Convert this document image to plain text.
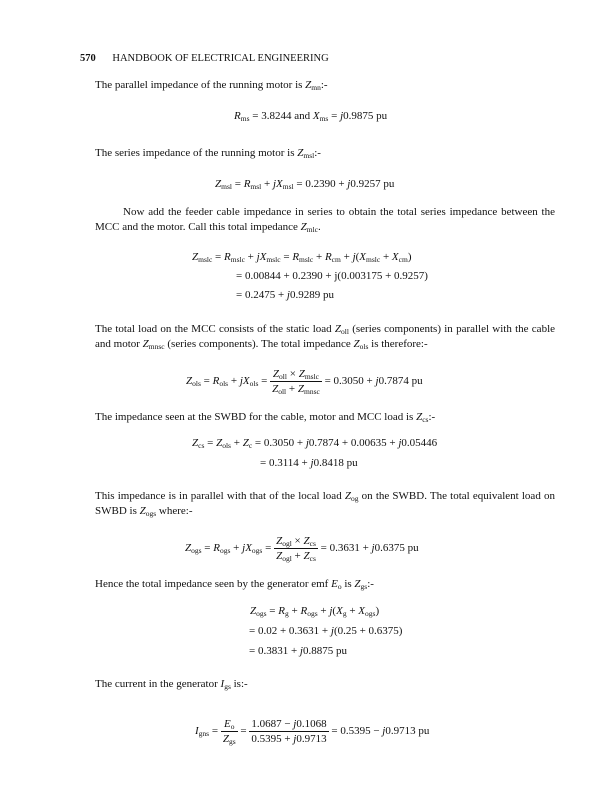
570 HANDBOOK OF ELECTRICAL ENGINEERING
The parallel impedance of the running motor is $Z_{mn}:-$
$R_{ms} = 3.8244$ and $X_{ms} = j0.9875$ pu
The series impedance of the running motor is $Z_{msl}:-$
$Z_{msl} = R_{msl} + jX_{msl} = 0.2390 + j0.9257$ pu
Now add the feeder cable impedance in series to obtain the total series impedance between the MCC and the motor. Call this total impedance $Z_{mlc}$.
$Z_{mslc} = R_{mslc} + jX_{mslc} = R_{mslc} + R_{cm} + j(X_{mslc} + X_{cm})$
= 0.00844 + 0.2390 + j(0.003175 + 0.9257)
= 0.2475 + j0.9289 pu
The total load on the MCC consists of the static load $Z_{oll}$ (series components) in parallel with the cable and motor $Z_{mnsc}$ (series components). The total impedance $Z_{ols}$ is therefore:-
$Z_{ols} = R_{ols} + jX_{ols} = \frac{Z_{oll} \times Z_{mslc}}{Z_{oll} + Z_{mnsc}} = 0.3050 + j0.7874$ pu
The impedance seen at the SWBD for the cable, motor and MCC load is $Z_{cs}:-$
$Z_{cs} = Z_{ols} + Z_c = 0.3050 + j0.7874 + 0.00635 + j0.05446$
= 0.3114 + j0.8418 pu
This impedance is in parallel with that of the local load $Z_{og}$ on the SWBD. The total equivalent load on SWBD is $Z_{ogs}$ where:-
$Z_{ogs} = R_{ogs} + jX_{ogs} = \frac{Z_{ogl} \times Z_{cs}}{Z_{ogl} + Z_{cs}} = 0.3631 + j0.6375$ pu
Hence the total impedance seen by the generator emf $E_o$ is $Z_{gs}:-$
$Z_{ogs} = R_g + R_{ogs} + j(X_g + X_{ogs})$
= 0.02 + 0.3631 + j(0.25 + 0.6375)
= 0.3831 + j0.8875 pu
The current in the generator $I_{gs}$ is:-
$I_{gns} = \frac{E_o}{Z_{gs}} = \frac{1.0687 - j0.1068}{0.5395 + j0.9713} = 0.5395 - j0.9713$ pu
